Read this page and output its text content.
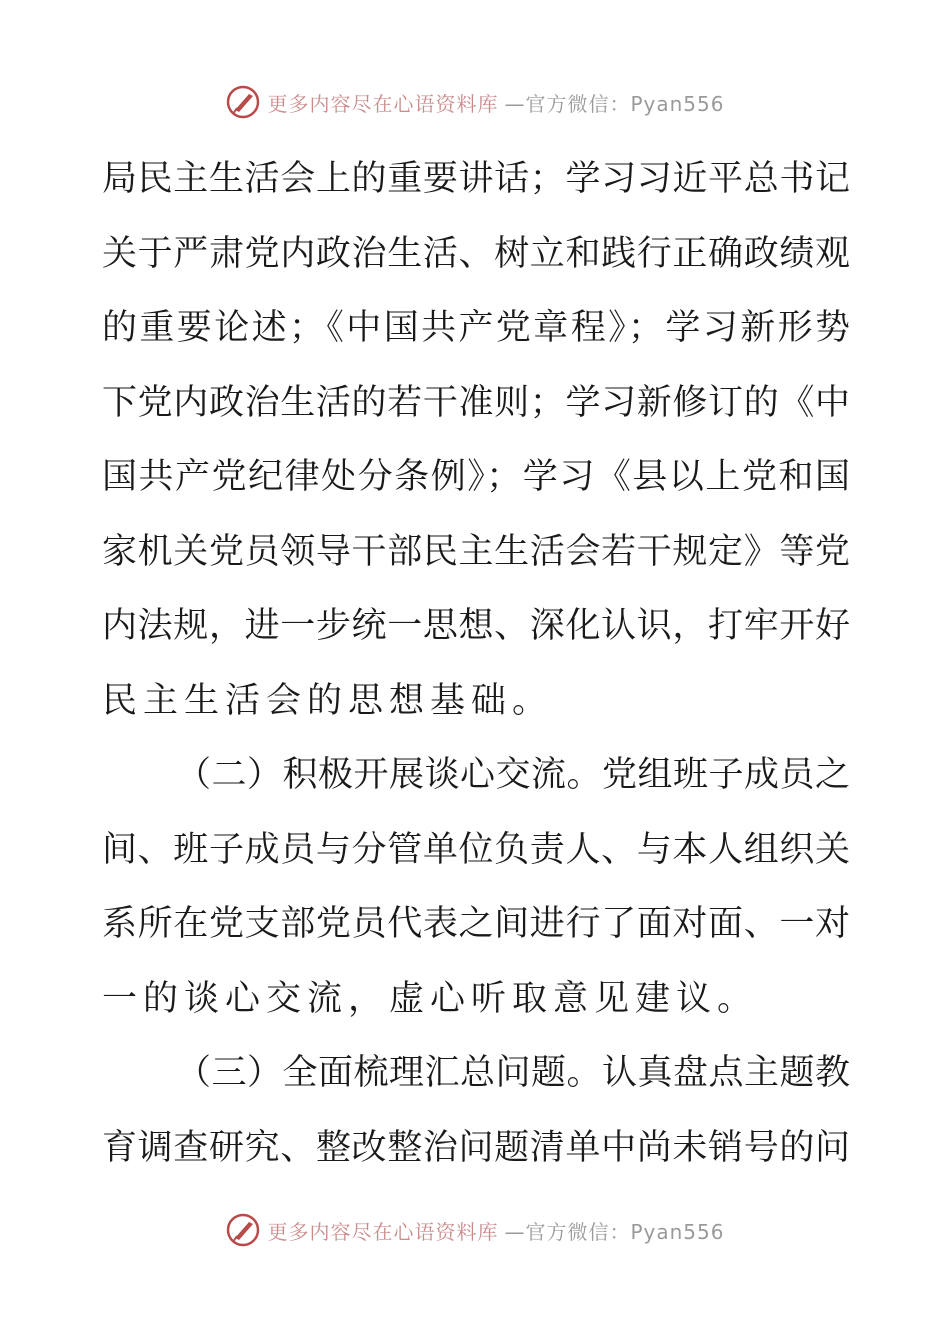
更多内容尽在心语资料库 —官方微信：Pyan556
局民主生活会上的重要讲话；学习习近平总书记
关于严肃党内政治生活、树立和践行正确政绩观
的重要论述；《中国共产党章程》；学习新形势
下党内政治生活的若干准则；学习新修订的《中
国共产党纪律处分条例》；学习《县以上党和国
家机关党员领导干部民主生活会若干规定》等党
内法规，进一步统一思想、深化认识，打牢开好
民主生活会的思想基础。
（二）积极开展谈心交流。党组班子成员之
间、班子成员与分管单位负责人、与本人组织关
系所在党支部党员代表之间进行了面对面、一对
一的谈心交流，虚心听取意见建议。
（三）全面梳理汇总问题。认真盘点主题教
育调查研究、整改整治问题清单中尚未销号的问
更多内容尽在心语资料库 —官方微信：Pyan556
